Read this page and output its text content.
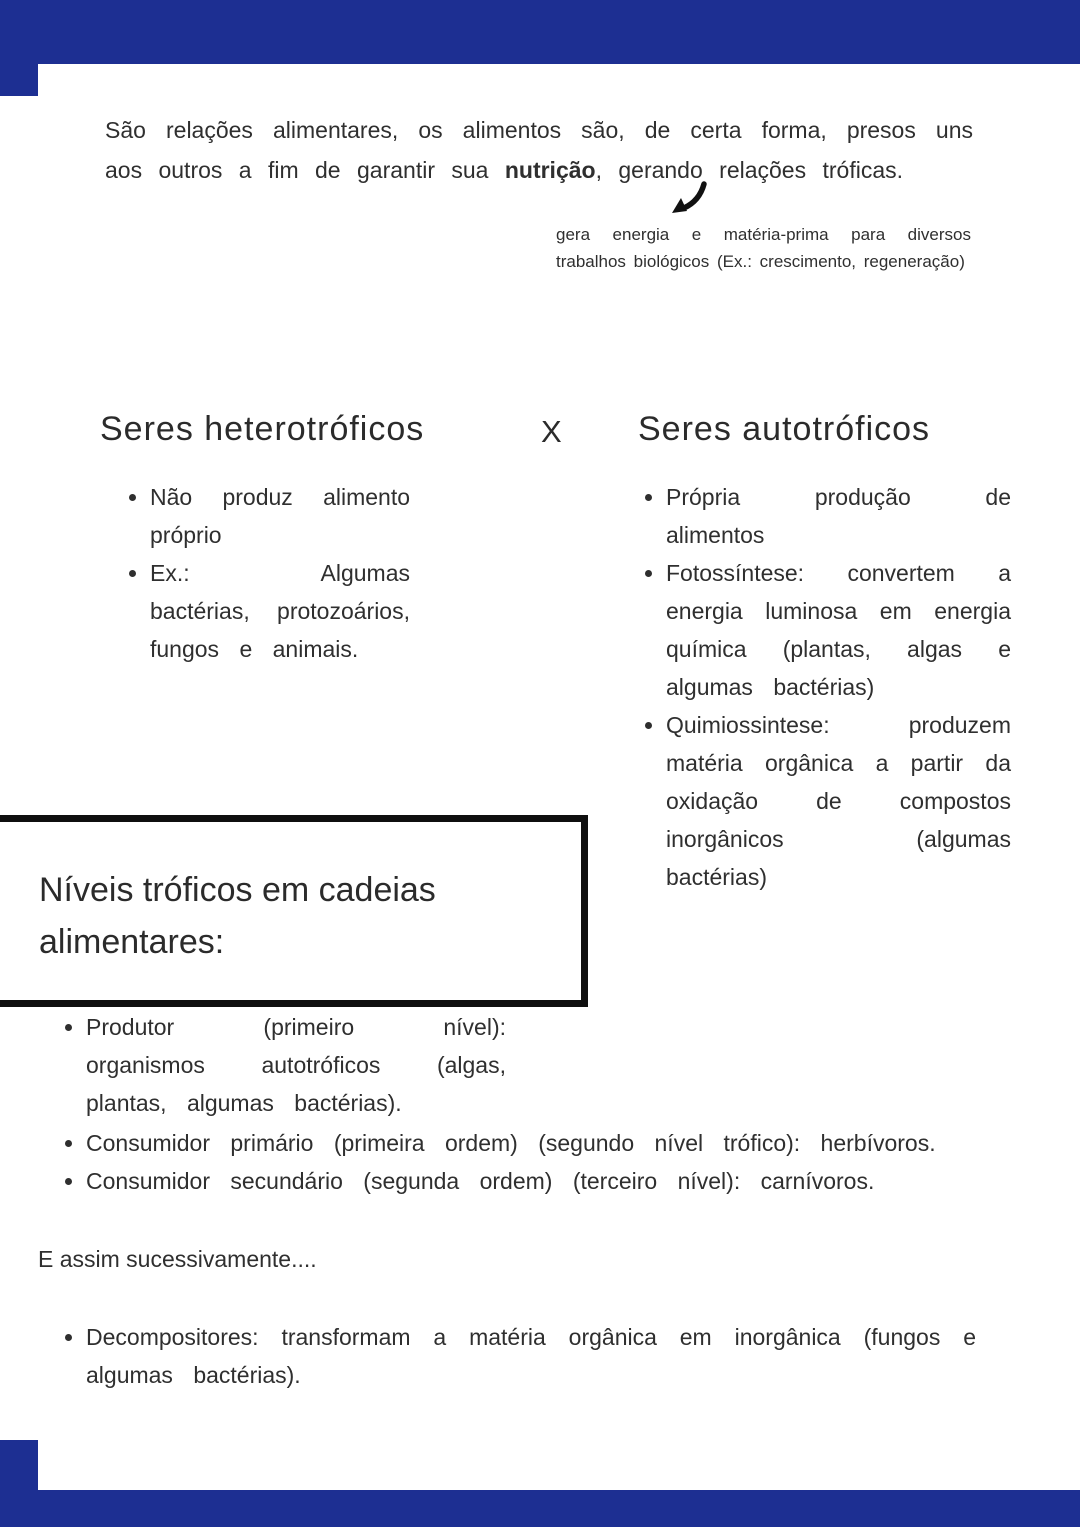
São relações alimentares, os alimentos são, de certa forma, presos uns aos outros a fim de garantir sua nutrição, gerando relações tróficas.

gera energia e matéria-prima para diversos trabalhos biológicos (Ex.: crescimento, regeneração)

Seres heterotróficos	X Seres autotróficos
• Não produz alimento próprio
• Ex.: Algumas bactérias, protozoários, fungos e animais.
• Própria produção de alimentos
• Fotossíntese: convertem a energia luminosa em energia química (plantas, algas e algumas bactérias)
• Quimiossintese: produzem matéria orgânica a partir da oxidação de compostos inorgânicos (algumas bactérias)
Níveis tróficos em cadeias alimentares:
• Produtor (primeiro nível): organismos autotróficos (algas, plantas, algumas bactérias).
• Consumidor primário (primeira ordem) (segundo nível trófico): herbívoros.
• Consumidor secundário (segunda ordem) (terceiro nível): carnívoros.

E assim sucessivamente....

• Decompositores: transformam a matéria orgânica em inorgânica (fungos e algumas bactérias).
